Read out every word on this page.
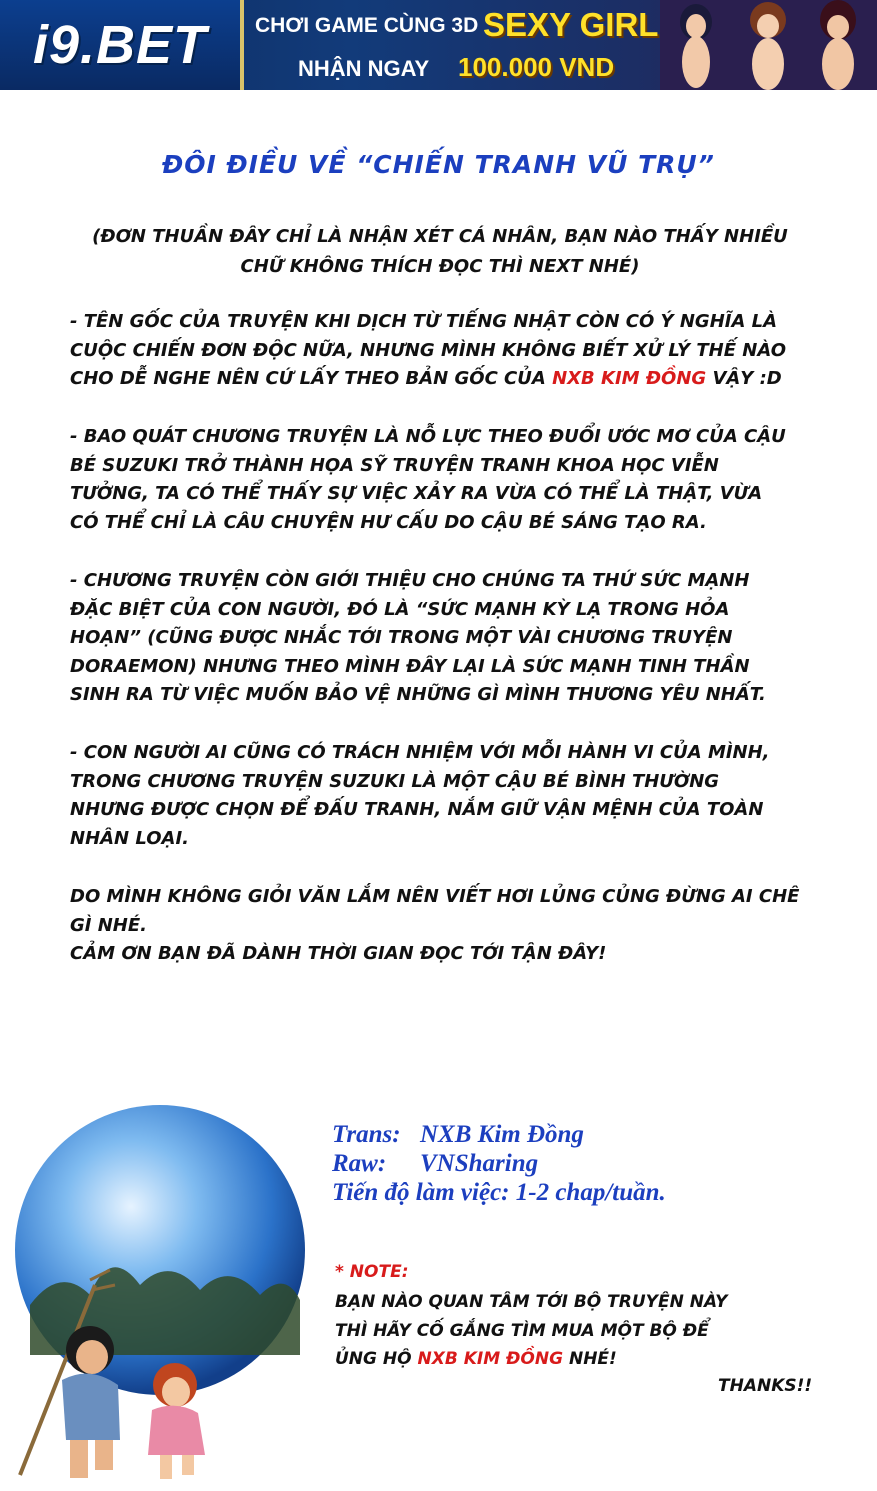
i9.BET CHƠI GAME CÙNG 3D SEXY GIRL
NHẬN NGAY 100.000 VND
ĐÔI ĐIỀU VỀ “CHIẾN TRANH VŨ TRỤ”
(ĐƠN THUẦN ĐÂY CHỈ LÀ NHẬN XÉT CÁ NHÂN, BẠN NÀO THẤY NHIỀU
CHỮ KHÔNG THÍCH ĐỌC THÌ NEXT NHÉ)
- TÊN GỐC CỦA TRUYỆN KHI DỊCH TỪ TIẾNG NHẬT CÒN CÓ Ý NGHĨA LÀ
CUỘC CHIẾN ĐƠN ĐỘC NỮA, NHƯNG MÌNH KHÔNG BIẾT XỬ LÝ THẾ NÀO
CHO DỄ NGHE NÊN CỨ LẤY THEO BẢN GỐC CỦA NXB KIM ĐỒNG VẬY :D
- BAO QUÁT CHƯƠNG TRUYỆN LÀ NỖ LỰC THEO ĐUỔI ƯỚC MƠ CỦA CẬU
BÉ SUZUKI TRỞ THÀNH HỌA SỸ TRUYỆN TRANH KHOA HỌC VIỄN
TƯỞNG, TA CÓ THỂ THẤY SỰ VIỆC XẢY RA VỪA CÓ THỂ LÀ THẬT, VỪA
CÓ THỂ CHỈ LÀ CÂU CHUYỆN HƯ CẤU DO CẬU BÉ SÁNG TẠO RA.
- CHƯƠNG TRUYỆN CÒN GIỚI THIỆU CHO CHÚNG TA THỨ SỨC MẠNH
ĐẶC BIỆT CỦA CON NGƯỜI, ĐÓ LÀ “SỨC MẠNH KỲ LẠ TRONG HỎA
HOẠN” (CŨNG ĐƯỢC NHẮC TỚI TRONG MỘT VÀI CHƯƠNG TRUYỆN
DORAEMON) NHƯNG THEO MÌNH ĐÂY LẠI LÀ SỨC MẠNH TINH THẦN
SINH RA TỪ VIỆC MUỐN BẢO VỆ NHỮNG GÌ MÌNH THƯƠNG YÊU NHẤT.
- CON NGƯỜI AI CŨNG CÓ TRÁCH NHIỆM VỚI MỖI HÀNH VI CỦA MÌNH,
TRONG CHƯƠNG TRUYỆN SUZUKI LÀ MỘT CẬU BÉ BÌNH THƯỜNG
NHƯNG ĐƯỢC CHỌN ĐỂ ĐẤU TRANH, NẮM GIỮ VẬN MỆNH CỦA TOÀN
NHÂN LOẠI.
DO MÌNH KHÔNG GIỎI VĂN LẮM NÊN VIẾT HƠI LỦNG CỦNG ĐỪNG AI CHÊ
GÌ NHÉ.
CẢM ƠN BẠN ĐÃ DÀNH THỜI GIAN ĐỌC TỚI TẬN ĐÂY!
Trans: NXB Kim Đồng
Raw: VNSharing
Tiến độ làm việc: 1-2 chap/tuần.
* NOTE:
BẠN NÀO QUAN TÂM TỚI BỘ TRUYỆN NÀY
THÌ HÃY CỐ GẮNG TÌM MUA MỘT BỘ ĐỂ
ỦNG HỘ NXB KIM ĐỒNG NHÉ!
THANKS!!
